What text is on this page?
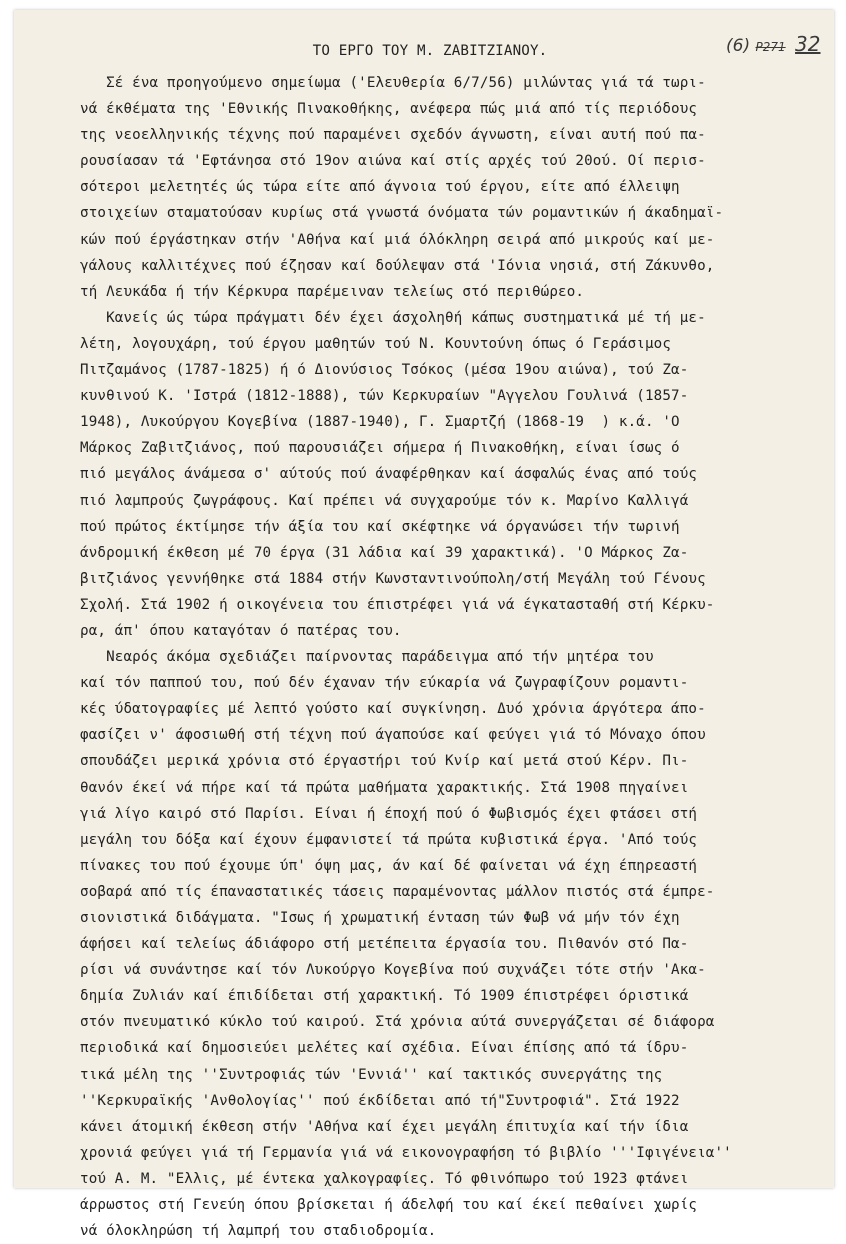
(6) P271 32
ΤΟ ΕΡΓΟ ΤΟΥ Μ. ΖΑΒΙΤΖΙΑΝΟΥ.
Σέ ένα προηγούμενο σημείωμα ('Ελευθερία 6/7/56) μιλώντας γιά τά τωρι-
νά έκθέματα της 'Εθνικής Πινακοθήκης, ανέφερα πώς μιά από τίς περιόδους
της νεοελληνικής τέχνης πού παραμένει σχεδόν άγνωστη, είναι αυτή πού πα-
ρουσίασαν τά 'Εφτάνησα στό 19ον αιώνα καί στίς αρχές τού 20ού. Οί περισ-
σότεροι μελετητές ώς τώρα είτε από άγνοια τού έργου, είτε από έλλειψη
στοιχείων σταματούσαν κυρίως στά γνωστά όνόματα τών ρομαντικών ή άκαδημαϊ-
κών πού έργάστηκαν στήν 'Αθήνα καί μιά όλόκληρη σειρά από μικρούς καί με-
γάλους καλλιτέχνες πού έζησαν καί δούλεψαν στά 'Ιόνια νησιά, στή Ζάκυνθο,
τή Λευκάδα ή τήν Κέρκυρα παρέμειναν τελείως στό περιθώρεο.
Κανείς ώς τώρα πράγματι δέν έχει άσχοληθή κάπως συστηματικά μέ τή με-
λέτη, λογουχάρη, τού έργου μαθητών τού Ν. Κουντούνη όπως ό Γεράσιμος
Πιτζαμάνος (1787-1825) ή ό Διονύσιος Τσόκος (μέσα 19ου αιώνα), τού Ζα-
κυνθινού Κ. 'Ιστρά (1812-1888), τών Κερκυραίων "Αγγελου Γουλινά (1857-
1948), Λυκούργου Κογεβίνα (1887-1940), Γ. Σμαρτζή (1868-19  ) κ.ά. 'Ο
Μάρκος Ζαβιτζιάνος, πού παρουσιάζει σήμερα ή Πινακοθήκη, είναι ίσως ό
πιό μεγάλος άνάμεσα σ' αύτούς πού άναφέρθηκαν καί άσφαλώς ένας από τούς
πιό λαμπρούς ζωγράφους. Καί πρέπει νά συγχαρούμε τόν κ. Μαρίνο Καλλιγά
πού πρώτος έκτίμησε τήν άξία του καί σκέφτηκε νά όργανώσει τήν τωρινή
άνδρομική έκθεση μέ 70 έργα (31 λάδια καί 39 χαρακτικά). 'Ο Μάρκος Ζα-
βιτζιάνος γεννήθηκε στά 1884 στήν Κωνσταντινούπολη/στή Μεγάλη τού Γένους
Σχολή. Στά 1902 ή οικογένεια του έπιστρέφει γιά νά έγκατασταθή στή Κέρκυ-
ρα, άπ' όπου καταγόταν ό πατέρας του.
Νεαρός άκόμα σχεδιάζει παίρνοντας παράδειγμα από τήν μητέρα του
καί τόν παππού του, πού δέν έχαναν τήν εύκαρία νά ζωγραφίζουν ρομαντι-
κές ύδατογραφίες μέ λεπτό γούστο καί συγκίνηση. Δυό χρόνια άργότερα άπο-
φασίζει ν' άφοσιωθή στή τέχνη πού άγαπούσε καί φεύγει γιά τό Μόναχο όπου
σπουδάζει μερικά χρόνια στό έργαστήρι τού Κνίρ καί μετά στού Κέρν. Πι-
θανόν έκεί νά πήρε καί τά πρώτα μαθήματα χαρακτικής. Στά 1908 πηγαίνει
γιά λίγο καιρό στό Παρίσι. Είναι ή έποχή πού ό Φωβισμός έχει φτάσει στή
μεγάλη του δόξα καί έχουν έμφανιστεί τά πρώτα κυβιστικά έργα. 'Από τούς
πίνακες του πού έχουμε ύπ' όψη μας, άν καί δέ φαίνεται νά έχη έπηρεαστή
σοβαρά από τίς έπαναστατικές τάσεις παραμένοντας μάλλον πιστός στά έμπρε-
σιονιστικά διδάγματα. "Ισως ή χρωματική ένταση τών Φωβ νά μήν τόν έχη
άφήσει καί τελείως άδιάφορο στή μετέπειτα έργασία του. Πιθανόν στό Πα-
ρίσι νά συνάντησε καί τόν Λυκούργο Κογεβίνα πού συχνάζει τότε στήν 'Ακα-
δημία Ζυλιάν καί έπιδίδεται στή χαρακτική. Τό 1909 έπιστρέφει όριστικά
στόν πνευματικό κύκλο τού καιρού. Στά χρόνια αύτά συνεργάζεται σέ διάφορα
περιοδικά καί δημοσιεύει μελέτες καί σχέδια. Είναι έπίσης από τά ίδρυ-
τικά μέλη της ''Συντροφιάς τών 'Εννιά'' καί τακτικός συνεργάτης της
''Κερκυραϊκής 'Ανθολογίας'' πού έκδίδεται από τή"Συντροφιά". Στά 1922
κάνει άτομική έκθεση στήν 'Αθήνα καί έχει μεγάλη έπιτυχία καί τήν ίδια
χρονιά φεύγει γιά τή Γερμανία γιά νά εικονογραφήση τό βιβλίο '''Ιφιγένεια''
τού Α. Μ. "Ελλις, μέ έντεκα χαλκογραφίες. Τό φθινόπωρο τού 1923 φτάνει
άρρωστος στή Γενεύη όπου βρίσκεται ή άδελφή του καί έκεί πεθαίνει χωρίς
νά όλοκληρώση τή λαμπρή του σταδιοδρομία.
